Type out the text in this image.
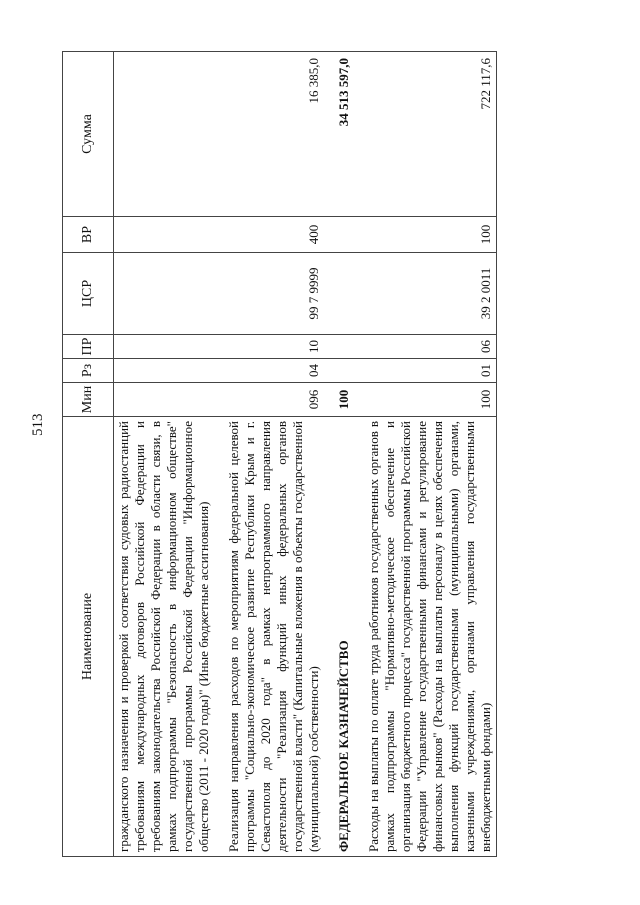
513
Наименование	Мин	Рз	ПР	ЦСР	ВР	Сумма
гражданского назначения и проверкой соответствия судовых радиостанций требованиям международных договоров Российской Федерации и требованиям законодательства Российской Федерации в области связи, в рамках подпрограммы "Безопасность в информационном обществе" государственной программы Российской Федерации "Информационное общество (2011 - 2020 годы)" (Иные бюджетные ассигнования)						

Реализация направления расходов по мероприятиям федеральной целевой программы "Социально-экономическое развитие Республики Крым и г. Севастополя до 2020 года" в рамках непрограммного направления деятельности "Реализация функций иных федеральных органов государственной власти" (Капитальные вложения в объекты государственной (муниципальной) собственности)	096	04	10	99 7 9999	400	16 385,0

ФЕДЕРАЛЬНОЕ КАЗНАЧЕЙСТВО	100					34 513 597,0

Расходы на выплаты по оплате труда работников государственных органов в рамках подпрограммы "Нормативно-методическое обеспечение и организация бюджетного процесса" государственной программы Российской Федерации "Управление государственными финансами и регулирование финансовых рынков" (Расходы на выплаты персоналу в целях обеспечения выполнения функций государственными (муниципальными) органами, казенными учреждениями, органами управления государственными внебюджетными фондами)	100	01	06	39 2 0011	100	722 117,6
